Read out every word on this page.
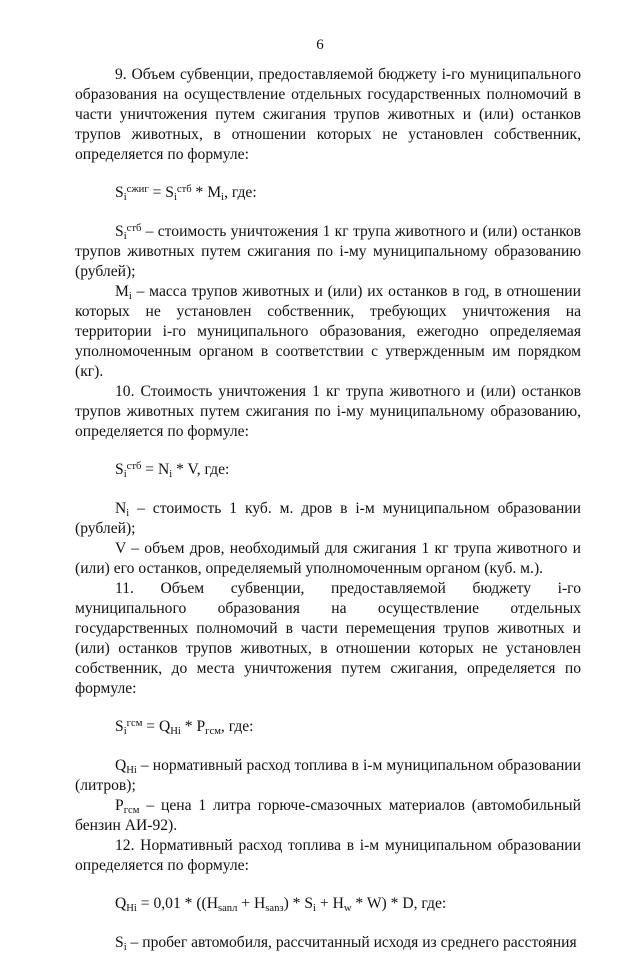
6

9. Объем субвенции, предоставляемой бюджету i-го муниципального образования на осуществление отдельных государственных полномочий в части уничтожения путем сжигания трупов животных и (или) останков трупов животных, в отношении которых не установлен собственник, определяется по формуле:

$S_i^{сжиг} = S_i^{стб} * M_i$, где:

$S_i^{стб}$ – стоимость уничтожения 1 кг трупа животного и (или) останков трупов животных путем сжигания по i-му муниципальному образованию (рублей);

$M_i$ – масса трупов животных и (или) их останков в год, в отношении которых не установлен собственник, требующих уничтожения на территории i-го муниципального образования, ежегодно определяемая уполномоченным органом в соответствии с утвержденным им порядком (кг).

10. Стоимость уничтожения 1 кг трупа животного и (или) останков трупов животных путем сжигания по i-му муниципальному образованию, определяется по формуле:

$S_i^{стб} = N_i * V$, где:

$N_i$ – стоимость 1 куб. м. дров в i-м муниципальном образовании (рублей);

V – объем дров, необходимый для сжигания 1 кг трупа животного и (или) его останков, определяемый уполномоченным органом (куб. м.).

11. Объем субвенции, предоставляемой бюджету i-го муниципального образования на осуществление отдельных государственных полномочий в части перемещения трупов животных и (или) останков трупов животных, в отношении которых не установлен собственник, до места уничтожения путем сжигания, определяется по формуле:

$S_i^{гсм} = Q_{Hi} * P_{гсм}$, где:

$Q_{Hi}$ – нормативный расход топлива в i-м муниципальном образовании (литров);

$P_{гсм}$ – цена 1 литра горюче-смазочных материалов (автомобильный бензин АИ-92).

12. Нормативный расход топлива в i-м муниципальном образовании определяется по формуле:

$Q_{Hi} = 0,01 * ((H_{sanл} + H_{sanз}) * S_i + H_w * W) * D$, где:

$S_i$ – пробег автомобиля, рассчитанный исходя из среднего расстояния
